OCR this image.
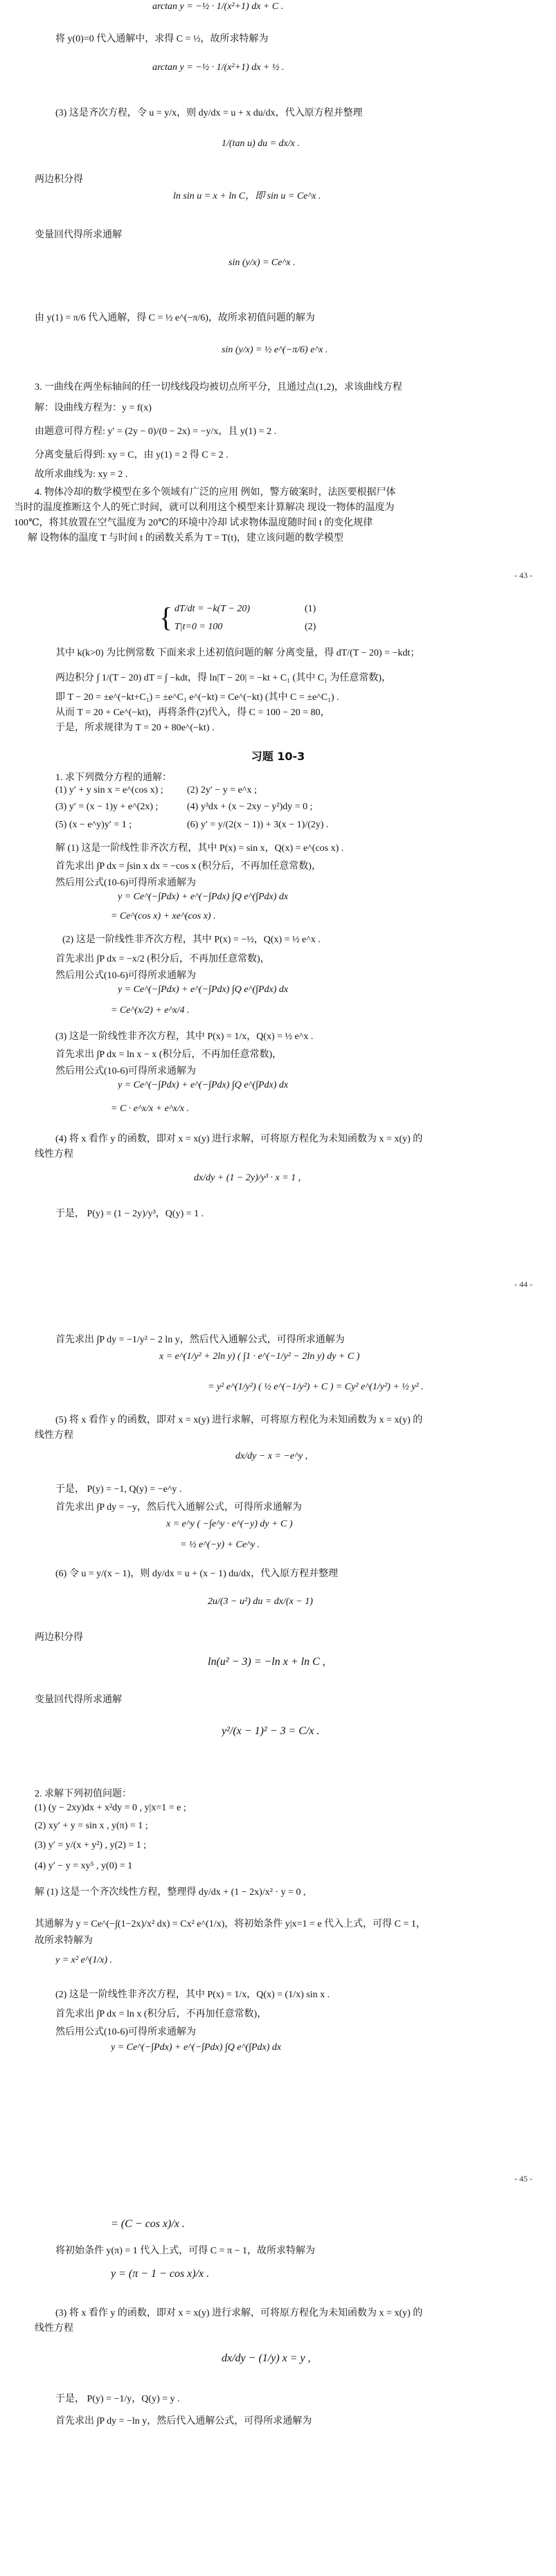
arctan y = −½ · 1/(x²+1) dx + C .
将 y(0)=0 代入通解中，求得 C = ½，故所求特解为
arctan y = −½ · 1/(x²+1) dx + ½ .
(3) 这是齐次方程，令 u = y/x，则 dy/dx = u + x du/dx，代入原方程并整理
1/(tan u) du = dx/x .
两边积分得
ln sin u = x + ln C，即 sin u = Ce^x .
变量回代得所求通解
sin (y/x) = Ce^x .
由 y(1) = π/6 代入通解，得 C = ½ e^(−π/6)，故所求初值问题的解为
sin (y/x) = ½ e^(−π/6) e^x .
3. 一曲线在两坐标轴间的任一切线线段均被切点所平分，且通过点(1,2)，求该曲线方程
解：设曲线方程为：y = f(x)
由题意可得方程: y′ = (2y − 0)/(0 − 2x) = −y/x，且 y(1) = 2 .
分离变量后得到: xy = C，由 y(1) = 2 得 C = 2 .
故所求曲线为: xy = 2 .
4. 物体冷却的数学模型在多个领域有广泛的应用 例如，警方破案时，法医要根据尸体
当时的温度推断这个人的死亡时间，就可以利用这个模型来计算解决 现设一物体的温度为
100℃，将其放置在空气温度为 20℃的环境中冷却 试求物体温度随时间 t 的变化规律
解 设物体的温度 T 与时间 t 的函数关系为 T = T(t)，建立该问题的数学模型
其中 k(k>0) 为比例常数 下面来求上述初值问题的解 分离变量，得 dT/(T − 20) = −kdt；
两边积分 ∫ 1/(T − 20) dT = ∫ −kdt，得 ln|T − 20| = −kt + C₁ (其中 C₁ 为任意常数)，
即 T − 20 = ±e^(−kt+C₁) = ±e^C₁ e^(−kt) = Ce^(−kt) (其中 C = ±e^C₁) .
从而 T = 20 + Ce^(−kt)，再将条件(2)代入，得 C = 100 − 20 = 80，
于是，所求规律为 T = 20 + 80e^(−kt) .
1. 求下列微分方程的通解：
(1) y′ + y sin x = e^(cos x) ; (2) 2y′ − y = e^x ;
(3) y′ = (x − 1)y + e^(2x) ;	(4) y³dx + (x − 2xy − y²)dy = 0 ;
(5) (x − e^y)y′ = 1 ;	(6) y′ = y/(2(x − 1)) + 3(x − 1)/(2y) .
解 (1) 这是一阶线性非齐次方程，其中 P(x) = sin x，Q(x) = e^(cos x) .
首先求出 ∫P dx = ∫sin x dx = −cos x (积分后，不再加任意常数)，
然后用公式(10-6)可得所求通解为
y = Ce^(−∫Pdx) + e^(−∫Pdx) ∫Q e^(∫Pdx) dx
= Ce^(cos x) + xe^(cos x) .
(2) 这是一阶线性非齐次方程，其中 P(x) = −½，Q(x) = ½ e^x .
首先求出 ∫P dx = −x/2 (积分后，不再加任意常数)，
然后用公式(10-6)可得所求通解为
y = Ce^(−∫Pdx) + e^(−∫Pdx) ∫Q e^(∫Pdx) dx
= Ce^(x/2) + e^x/4 .
(3) 这是一阶线性非齐次方程，其中 P(x) = 1/x，Q(x) = ½ e^x .
首先求出 ∫P dx = ln x − x (积分后，不再加任意常数)，
然后用公式(10-6)可得所求通解为
y = Ce^(−∫Pdx) + e^(−∫Pdx) ∫Q e^(∫Pdx) dx
= C · e^x/x + e^x/x .
(4) 将 x 看作 y 的函数，即对 x = x(y) 进行求解，可将原方程化为未知函数为 x = x(y) 的
线性方程
dx/dy + (1 − 2y)/y³ · x = 1 ,
于是， P(y) = (1 − 2y)/y³，Q(y) = 1 .
首先求出 ∫P dy = −1/y² − 2 ln y，然后代入通解公式，可得所求通解为
x = e^(1/y² + 2ln y) ( ∫1 · e^(−1/y² − 2ln y) dy + C )
= y² e^(1/y²) ( ½ e^(−1/y²) + C ) = Cy² e^(1/y²) + ½ y² .
(5) 将 x 看作 y 的函数，即对 x = x(y) 进行求解，可将原方程化为未知函数为 x = x(y) 的
线性方程
dx/dy − x = −e^y ,
于是， P(y) = −1, Q(y) = −e^y .
首先求出 ∫P dy = −y，然后代入通解公式，可得所求通解为
x = e^y ( −∫e^y · e^(−y) dy + C )
= ½ e^(−y) + Ce^y .
(6) 令 u = y/(x − 1)，则 dy/dx = u + (x − 1) du/dx，代入原方程并整理
2u/(3 − u²) du = dx/(x − 1)
两边积分得
ln(u² − 3) = −ln x + ln C ,
变量回代得所求通解
y²/(x − 1)² − 3 = C/x .
2. 求解下列初值问题：
(1) (y − 2xy)dx + x²dy = 0 , y|x=1 = e ;
(2) xy′ + y = sin x , y(π) = 1 ;
(3) y′ = y/(x + y²) , y(2) = 1 ;
(4) y′ − y = xy⁵ , y(0) = 1
解 (1) 这是一个齐次线性方程，整理得 dy/dx + (1 − 2x)/x² · y = 0 ,
其通解为 y = Ce^(−∫(1−2x)/x² dx) = Cx² e^(1/x)，将初始条件 y|x=1 = e 代入上式，可得 C = 1，
故所求特解为
y = x² e^(1/x) .
(2) 这是一阶线性非齐次方程，其中 P(x) = 1/x，Q(x) = (1/x) sin x .
首先求出 ∫P dx = ln x (积分后，不再加任意常数)，
然后用公式(10-6)可得所求通解为
y = Ce^(−∫Pdx) + e^(−∫Pdx) ∫Q e^(∫Pdx) dx
= (C − cos x)/x .
将初始条件 y(π) = 1 代入上式，可得 C = π − 1，故所求特解为
y = (π − 1 − cos x)/x .
(3) 将 x 看作 y 的函数，即对 x = x(y) 进行求解，可将原方程化为未知函数为 x = x(y) 的
线性方程
dx/dy − (1/y) x = y ,
于是， P(y) = −1/y，Q(y) = y .
首先求出 ∫P dy = −ln y，然后代入通解公式，可得所求通解为
{ dT/dt = −k(T − 20)
T|t=0 = 100
(1)
(2)
习题 10-3
- 43 -
- 44 -
- 45 -
